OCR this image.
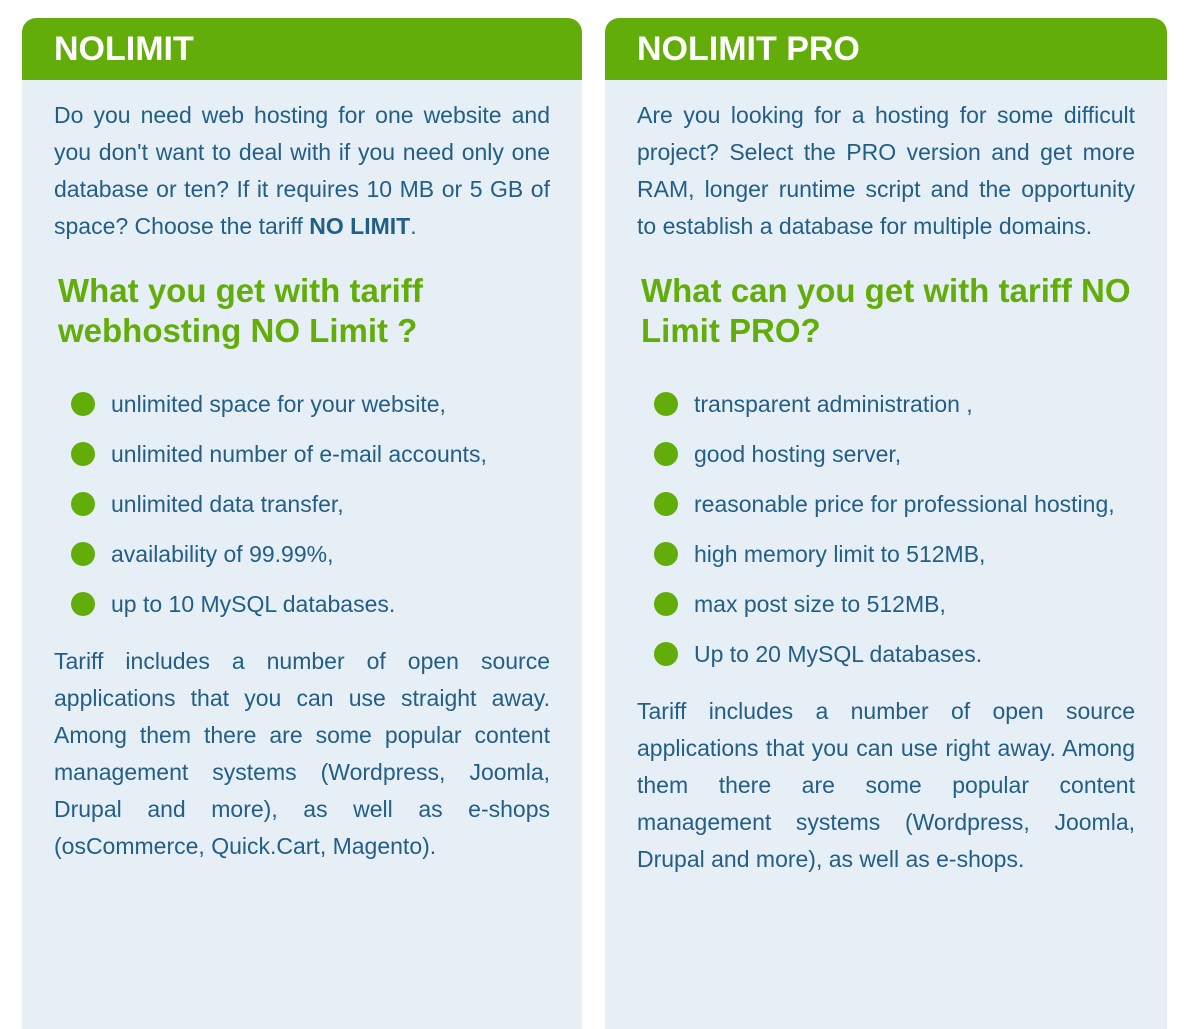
NOLIMIT

Do you need web hosting for one website and you don't want to deal with if you need only one database or ten? If it requires 10 MB or 5 GB of space? Choose the tariff NO LIMIT.

What you get with tariff webhosting NO Limit ?
unlimited space for your website,
unlimited number of e-mail accounts,
unlimited data transfer,
availability of 99.99%,
up to 10 MySQL databases.

Tariff includes a number of open source applications that you can use straight away. Among them there are some popular content management systems (Wordpress, Joomla, Drupal and more), as well as e-shops (osCommerce, Quick.Cart, Magento).

NOLIMIT PRO

Are you looking for a hosting for some difficult project? Select the PRO version and get more RAM, longer runtime script and the opportunity to establish a database for multiple domains.

What can you get with tariff NO Limit PRO?
transparent administration ,
good hosting server,
reasonable price for professional hosting,
high memory limit to 512MB,
max post size to 512MB,
Up to 20 MySQL databases.

Tariff includes a number of open source applications that you can use right away. Among them there are some popular content management systems (Wordpress, Joomla, Drupal and more), as well as e-shops.
